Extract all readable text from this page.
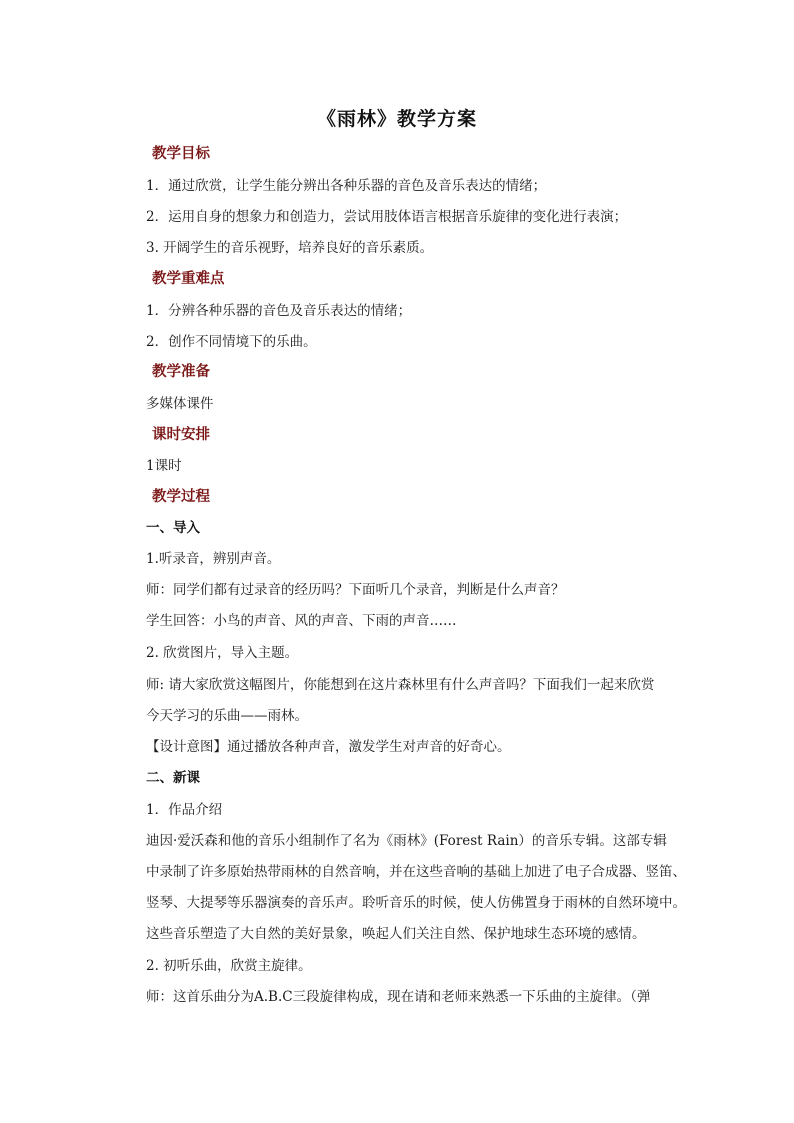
《雨林》教学方案
教学目标
1．通过欣赏，让学生能分辨出各种乐器的音色及音乐表达的情绪；
2．运用自身的想象力和创造力，尝试用肢体语言根据音乐旋律的变化进行表演；
3. 开阔学生的音乐视野，培养良好的音乐素质。
教学重难点
1．分辨各种乐器的音色及音乐表达的情绪；
2．创作不同情境下的乐曲。
教学准备
多媒体课件
课时安排
1课时
教学过程
一、导入
1.听录音，辨别声音。
师：同学们都有过录音的经历吗？下面听几个录音，判断是什么声音？
学生回答：小鸟的声音、风的声音、下雨的声音……
2. 欣赏图片，导入主题。
师: 请大家欣赏这幅图片，你能想到在这片森林里有什么声音吗？下面我们一起来欣赏
今天学习的乐曲——雨林。
【设计意图】通过播放各种声音，激发学生对声音的好奇心。
二、新课
1．作品介绍
迪因·爱沃森和他的音乐小组制作了名为《雨林》(Forest Rain）的音乐专辑。这部专辑
中录制了许多原始热带雨林的自然音响，并在这些音响的基础上加进了电子合成器、竖笛、
竖琴、大提琴等乐器演奏的音乐声。聆听音乐的时候，使人仿佛置身于雨林的自然环境中。
这些音乐塑造了大自然的美好景象，唤起人们关注自然、保护地球生态环境的感情。
2. 初听乐曲，欣赏主旋律。
师：这首乐曲分为A.B.C三段旋律构成，现在请和老师来熟悉一下乐曲的主旋律。（弹
